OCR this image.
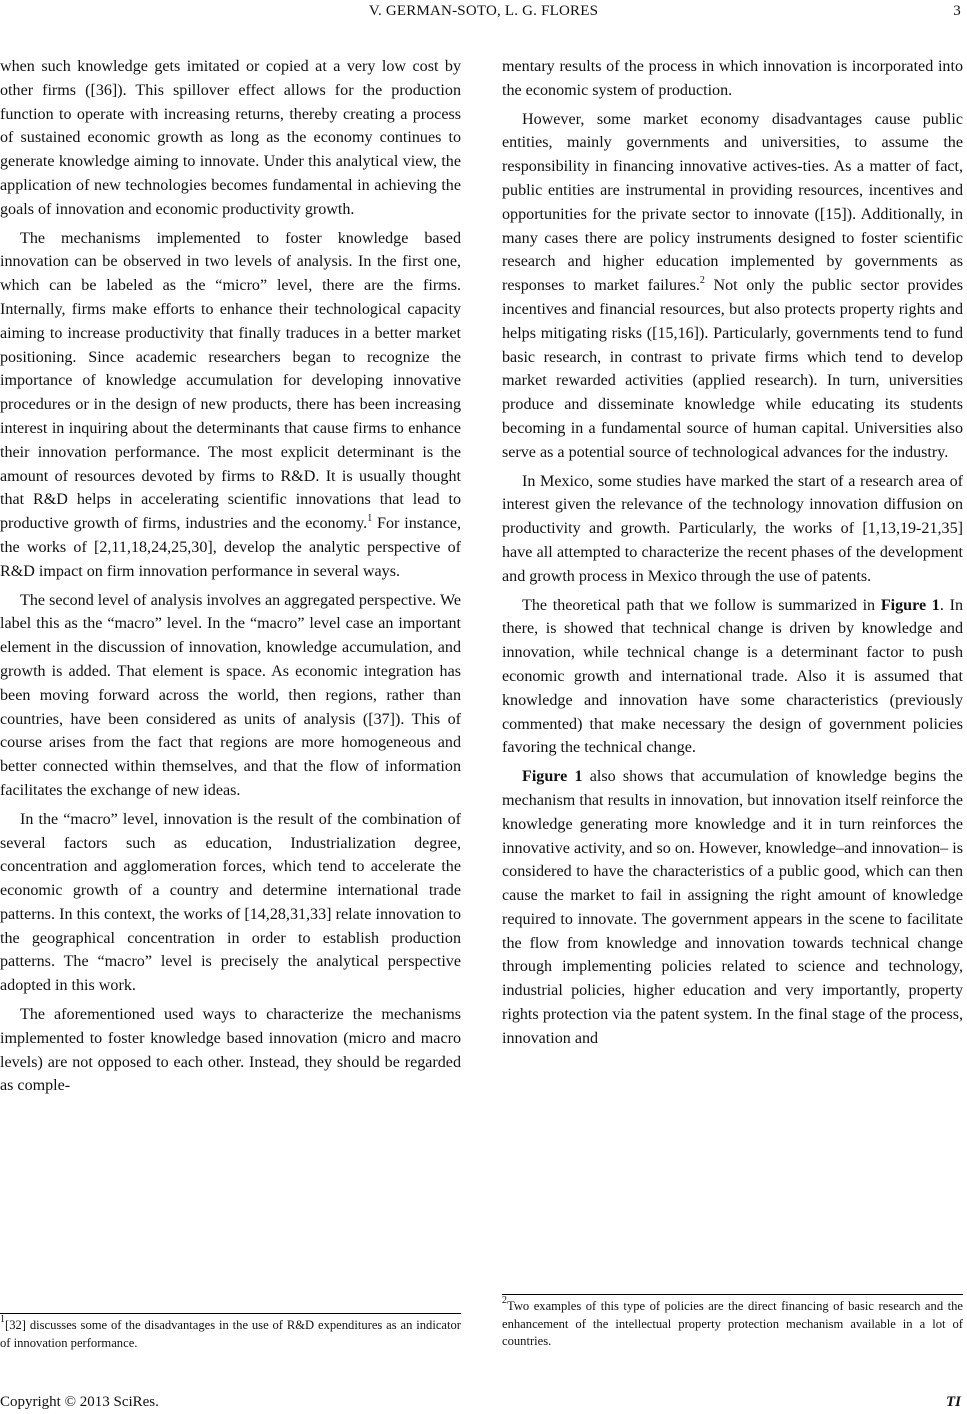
V. GERMAN-SOTO, L. G. FLORES	3

when such knowledge gets imitated or copied at a very low cost by other firms ([36]). This spillover effect allows for the production function to operate with increasing returns, thereby creating a process of sustained economic growth as long as the economy continues to generate knowledge aiming to innovate. Under this analytical view, the application of new technologies becomes fundamental in achieving the goals of innovation and economic productivity growth.

The mechanisms implemented to foster knowledge based innovation can be observed in two levels of analysis. In the first one, which can be labeled as the “micro” level, there are the firms. Internally, firms make efforts to enhance their technological capacity aiming to increase productivity that finally traduces in a better market positioning. Since academic researchers began to recognize the importance of knowledge accumulation for developing innovative procedures or in the design of new products, there has been increasing interest in inquiring about the determinants that cause firms to enhance their innovation performance. The most explicit determinant is the amount of resources devoted by firms to R&D. It is usually thought that R&D helps in accelerating scientific innovations that lead to productive growth of firms, industries and the economy.$^1$ For instance, the works of [2,11,18,24,25,30], develop the analytic perspective of R&D impact on firm innovation performance in several ways.

The second level of analysis involves an aggregated perspective. We label this as the “macro” level. In the “macro” level case an important element in the discussion of innovation, knowledge accumulation, and growth is added. That element is space. As economic integration has been moving forward across the world, then regions, rather than countries, have been considered as units of analysis ([37]). This of course arises from the fact that regions are more homogeneous and better connected within themselves, and that the flow of information facilitates the exchange of new ideas.

In the “macro” level, innovation is the result of the combination of several factors such as education, Industrialization degree, concentration and agglomeration forces, which tend to accelerate the economic growth of a country and determine international trade patterns. In this context, the works of [14,28,31,33] relate innovation to the geographical concentration in order to establish production patterns. The “macro” level is precisely the analytical perspective adopted in this work.

The aforementioned used ways to characterize the mechanisms implemented to foster knowledge based innovation (micro and macro levels) are not opposed to each other. Instead, they should be regarded as comple-

mentary results of the process in which innovation is incorporated into the economic system of production.

However, some market economy disadvantages cause public entities, mainly governments and universities, to assume the responsibility in financing innovative actives-ties. As a matter of fact, public entities are instrumental in providing resources, incentives and opportunities for the private sector to innovate ([15]). Additionally, in many cases there are policy instruments designed to foster scientific research and higher education implemented by governments as responses to market failures.$^2$ Not only the public sector provides incentives and financial resources, but also protects property rights and helps mitigating risks ([15,16]). Particularly, governments tend to fund basic research, in contrast to private firms which tend to develop market rewarded activities (applied research). In turn, universities produce and disseminate knowledge while educating its students becoming in a fundamental source of human capital. Universities also serve as a potential source of technological advances for the industry.

In Mexico, some studies have marked the start of a research area of interest given the relevance of the technology innovation diffusion on productivity and growth. Particularly, the works of [1,13,19-21,35] have all attempted to characterize the recent phases of the development and growth process in Mexico through the use of patents.

The theoretical path that we follow is summarized in Figure 1. In there, is showed that technical change is driven by knowledge and innovation, while technical change is a determinant factor to push economic growth and international trade. Also it is assumed that knowledge and innovation have some characteristics (previously commented) that make necessary the design of government policies favoring the technical change.

Figure 1 also shows that accumulation of knowledge begins the mechanism that results in innovation, but innovation itself reinforce the knowledge generating more knowledge and it in turn reinforces the innovative activity, and so on. However, knowledge–and innovation– is considered to have the characteristics of a public good, which can then cause the market to fail in assigning the right amount of knowledge required to innovate. The government appears in the scene to facilitate the flow from knowledge and innovation towards technical change through implementing policies related to science and technology, industrial policies, higher education and very importantly, property rights protection via the patent system. In the final stage of the process, innovation and

$^1$[32] discusses some of the disadvantages in the use of R&D expenditures as an indicator of innovation performance.

$^2$Two examples of this type of policies are the direct financing of basic research and the enhancement of the intellectual property protection mechanism available in a lot of countries.

Copyright © 2013 SciRes.	TI
